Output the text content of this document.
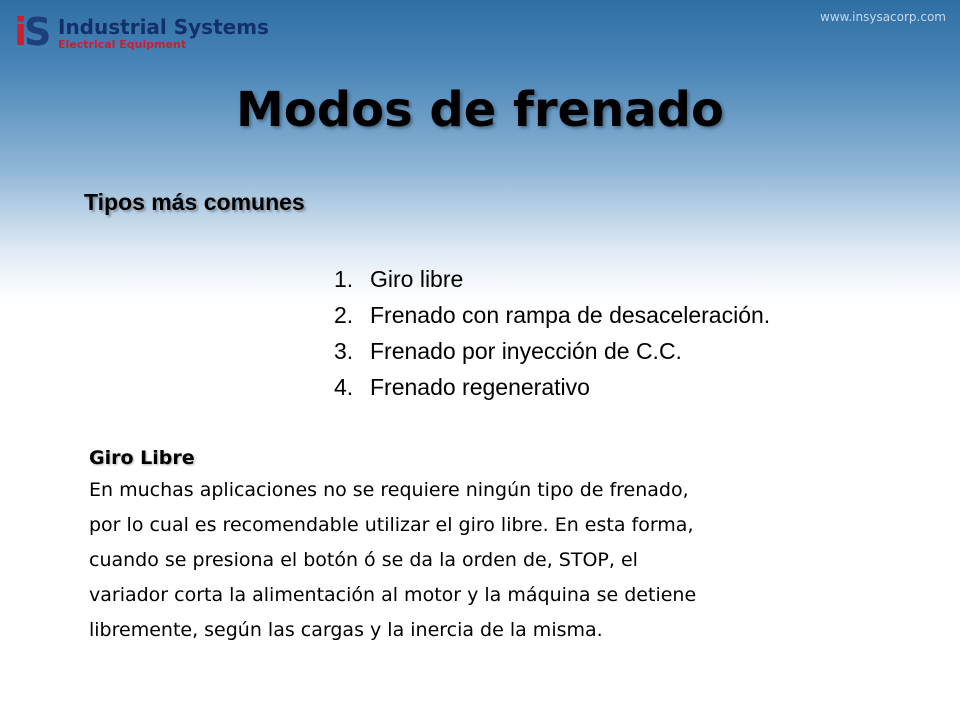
iS Industrial Systems
Electrical Equipment
www.insysacorp.com
Modos de frenado
Tipos más comunes
1. Giro libre
2. Frenado con rampa de desaceleración.
3. Frenado por inyección de C.C.
4. Frenado regenerativo
Giro Libre
En muchas aplicaciones no se requiere ningún tipo de frenado,
por lo cual es recomendable utilizar el giro libre. En esta forma,
cuando se presiona el botón ó se da la orden de, STOP, el
variador corta la alimentación al motor y la máquina se detiene
libremente, según las cargas y la inercia de la misma.
